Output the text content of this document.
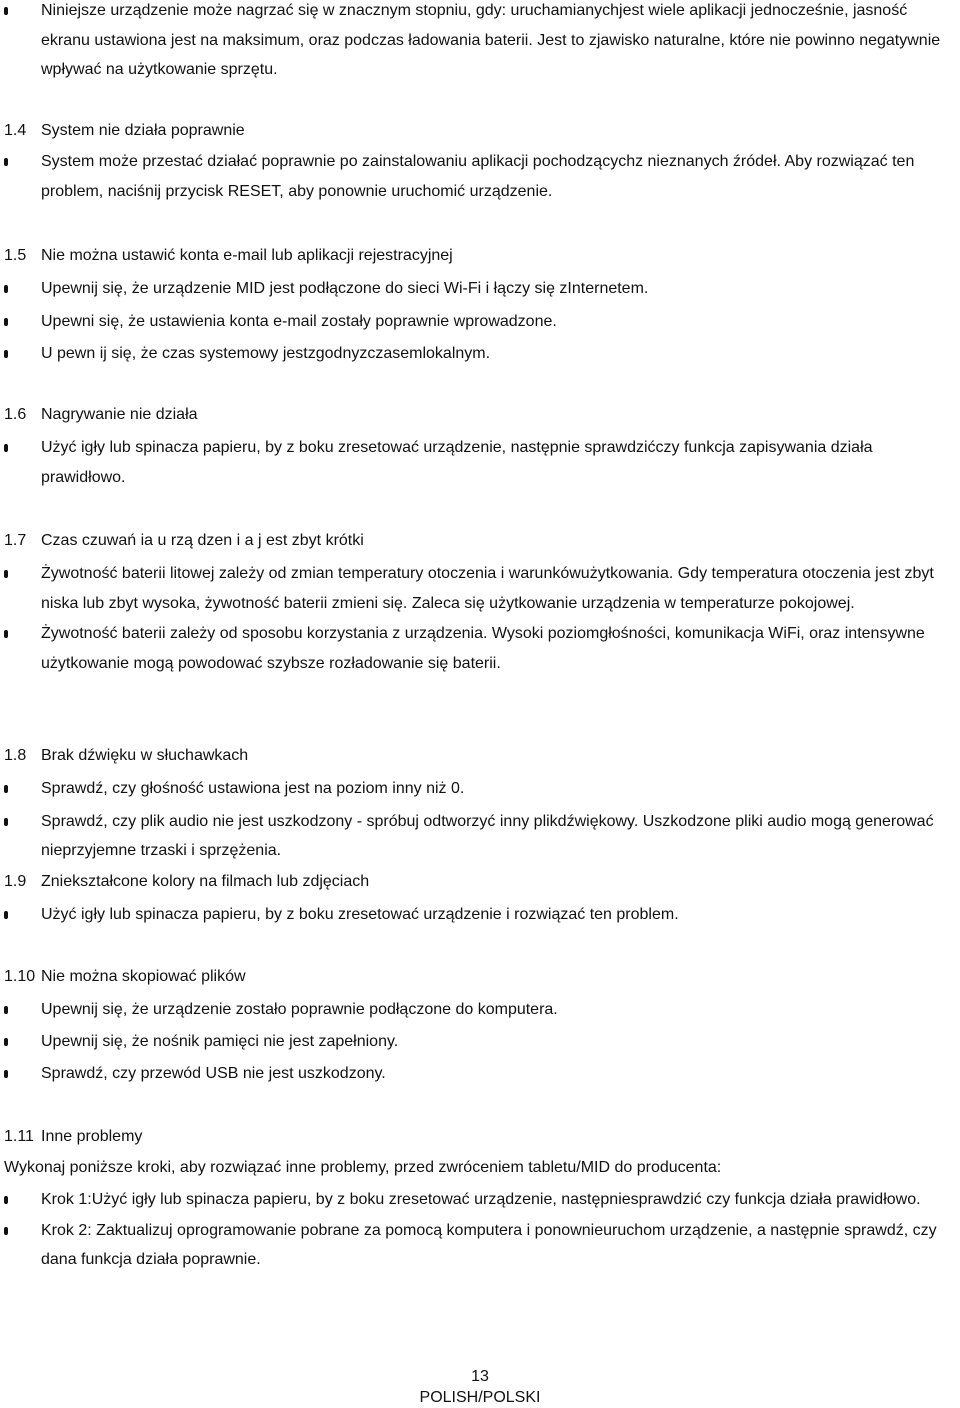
Niniejsze urządzenie może nagrzać się w znacznym stopniu, gdy: uruchamianychjest wiele aplikacji jednocześnie, jasność ekranu ustawiona jest na maksimum, oraz podczas ładowania baterii. Jest to zjawisko naturalne, które nie powinno negatywnie wpływać na użytkowanie sprzętu.
1.4 System nie działa poprawnie
System może przestać działać poprawnie po zainstalowaniu aplikacji pochodzącychz nieznanych źródeł. Aby rozwiązać ten problem, naciśnij przycisk RESET, aby ponownie uruchomić urządzenie.
1.5 Nie można ustawić konta e-mail lub aplikacji rejestracyjnej
Upewnij się, że urządzenie MID jest podłączone do sieci Wi-Fi i łączy się zInternetem.
Upewni się, że ustawienia konta e-mail zostały poprawnie wprowadzone.
U pewn ij się, że czas systemowy jestzgodnyzczasemlokalnym.
1.6 Nagrywanie nie działa
Użyć igły lub spinacza papieru, by z boku zresetować urządzenie, następnie sprawdzićczy funkcja zapisywania działa prawidłowo.
1.7 Czas czuwań ia u rzą dzen i a j est zbyt krótki
Żywotność baterii litowej zależy od zmian temperatury otoczenia i warunkówużytkowania. Gdy temperatura otoczenia jest zbyt niska lub zbyt wysoka, żywotność baterii zmieni się. Zaleca się użytkowanie urządzenia w temperaturze pokojowej.
Żywotność baterii zależy od sposobu korzystania z urządzenia. Wysoki poziomgłośności, komunikacja WiFi, oraz intensywne użytkowanie mogą powodować szybsze rozładowanie się baterii.
1.8 Brak dźwięku w słuchawkach
Sprawdź, czy głośność ustawiona jest na poziom inny niż 0.
Sprawdź, czy plik audio nie jest uszkodzony - spróbuj odtworzyć inny plikdźwiękowy. Uszkodzone pliki audio mogą generować nieprzyjemne trzaski i sprzężenia.
1.9 Zniekształcone kolory na filmach lub zdjęciach
Użyć igły lub spinacza papieru, by z boku zresetować urządzenie i rozwiązać ten problem.
1.10 Nie można skopiować plików
Upewnij się, że urządzenie zostało poprawnie podłączone do komputera.
Upewnij się, że nośnik pamięci nie jest zapełniony.
Sprawdź, czy przewód USB nie jest uszkodzony.
1.11 Inne problemy
Wykonaj poniższe kroki, aby rozwiązać inne problemy, przed zwróceniem tabletu/MID do producenta:
Krok 1:Użyć igły lub spinacza papieru, by z boku zresetować urządzenie, następniesprawdzić czy funkcja działa prawidłowo.
Krok 2: Zaktualizuj oprogramowanie pobrane za pomocą komputera i ponownieuruchom urządzenie, a następnie sprawdź, czy dana funkcja działa poprawnie.
13
POLISH/POLSKI
